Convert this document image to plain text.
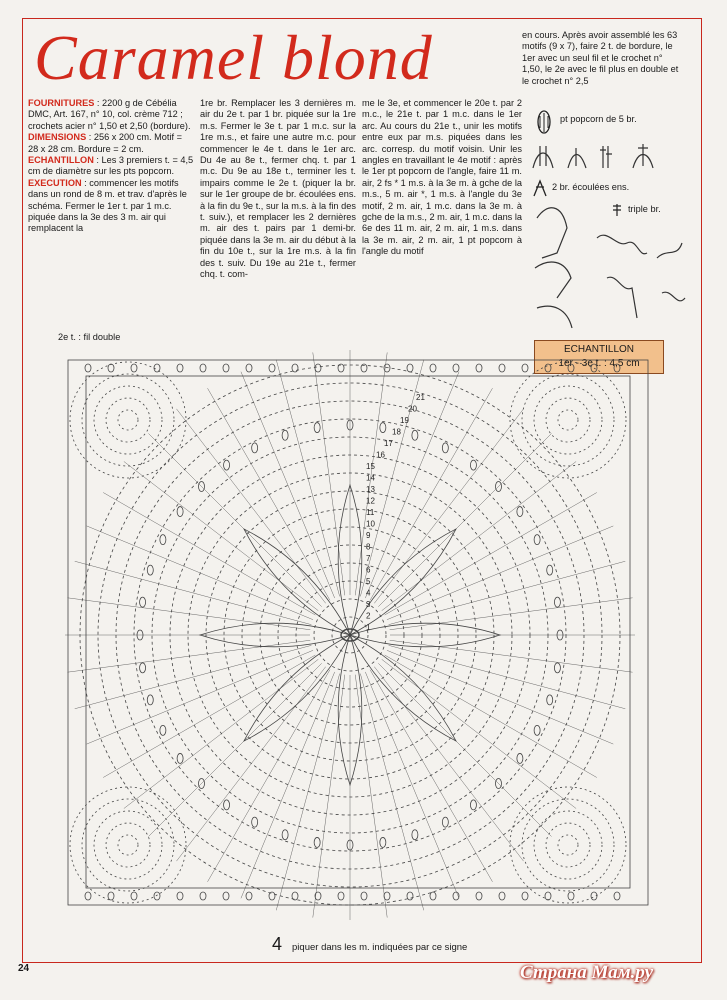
Caramel blond

FOURNITURES : 2200 g de Cébélia DMC, Art. 167, n° 10, col. crème 712 ; crochets acier n° 1,50 et 2,50 (bordure).

DIMENSIONS : 256 x 200 cm. Motif = 28 x 28 cm. Bordure = 2 cm.

ECHANTILLON : Les 3 premiers t. = 4,5 cm de diamètre sur les pts popcorn.

EXECUTION : commencer les motifs dans un rond de 8 m. et trav. d'après le schéma. Fermer le 1er t. par 1 m.c. piquée dans la 3e des 3 m. air qui remplacent la

1re br. Remplacer les 3 dernières m. air du 2e t. par 1 br. piquée sur la 1re m.s. Fermer le 3e t. par 1 m.c. sur la 1re m.s., et faire une autre m.c. pour commencer le 4e t. dans le 1er arc. Du 4e au 8e t., fermer chq. t. par 1 m.c. Du 9e au 18e t., terminer les t. impairs comme le 2e t. (piquer la br. sur le 1er groupe de br. écoulées ens. à la fin du 9e t., sur la m.s. à la fin des t. suiv.), et remplacer les 2 dernières m. air des t. pairs par 1 demi-br. piquée dans la 3e m. air du début à la fin du 10e t., sur la 1re m.s. à la fin des t. suiv. Du 19e au 21e t., fermer chq. t. com-

me le 3e, et commencer le 20e t. par 2 m.c., le 21e t. par 1 m.c. dans le 1er arc. Au cours du 21e t., unir les motifs entre eux par m.s. piquées dans les arc. corresp. du motif voisin. Unir les angles en travaillant le 4e motif : après le 1er pt popcorn de l'angle, faire 11 m. air, 2 fs * 1 m.s. à la 3e m. à gche de la m.s., 5 m. air *, 1 m.s. à l'angle du 3e motif, 2 m. air, 1 m.c. dans la 3e m. à gche de la m.s., 2 m. air, 1 m.c. dans la 6e des 11 m. air, 2 m. air, 1 m.s. dans la 3e m. air, 2 m. air, 1 pt popcorn à l'angle du motif

en cours. Après avoir assemblé les 63 motifs (9 x 7), faire 2 t. de bordure, le 1er avec un seul fil et le crochet n° 1,50, le 2e avec le fil plus en double et le crochet n° 2,5

pt popcorn de 5 br.
2 br. écoulées ens.
triple br.
ECHANTILLON
1er - 3e t. : 4,5 cm
2e t. : fil double
21
20
19
18
17
16
15
14
13
12
11
10
9
8
7
6
5
4
3
2
1
4 piquer dans les m. indiquées par ce signe
24	Страна Мам.ру
